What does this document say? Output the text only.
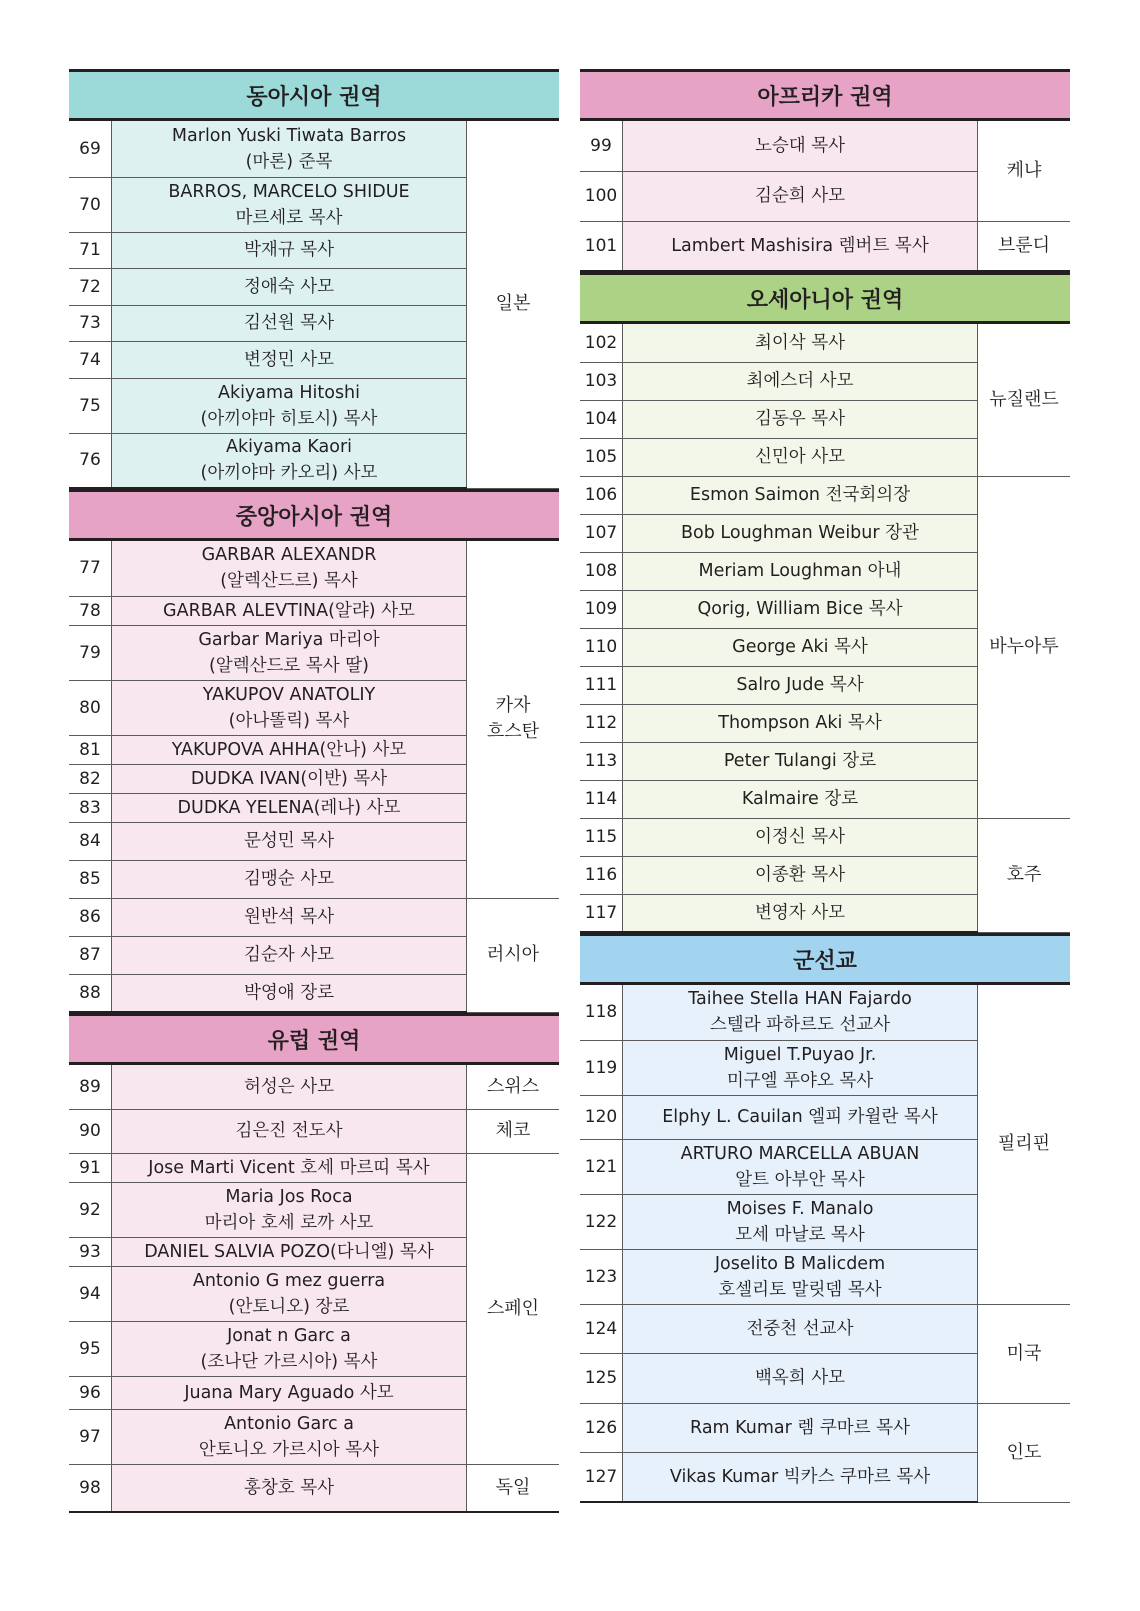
동아시아 권역
69	Marlon Yuski Tiwata Barros
(마론) 준목	일본
70	BARROS, MARCELO SHIDUE
마르세로 목사	
71	박재규 목사	
72	정애숙 사모	
73	김선원 목사	
74	변정민 사모	
75	Akiyama Hitoshi
(아끼야마 히토시) 목사	
76	Akiyama Kaori
(아끼야마 카오리) 사모	
중앙아시아 권역
77	GARBAR ALEXANDR
(알렉산드르) 목사	카자
흐스탄
78	GARBAR ALEVTINA(알랴) 사모	
79	Garbar Mariya 마리아
(알렉산드로 목사 딸)	
80	YAKUPOV ANATOLIY
(아나똘릭) 목사	
81	YAKUPOVA AHHA(안나) 사모	
82	DUDKA IVAN(이반) 목사	
83	DUDKA YELENA(레나) 사모	
84	문성민 목사	
85	김맹순 사모	
86	원반석 목사	러시아
87	김순자 사모	
88	박영애 장로	
유럽 권역
89	허성은 사모	스위스
90	김은진 전도사	체코
91	Jose Marti Vicent 호세 마르띠 목사	스페인
92	Maria Jos Roca
마리아 호세 로까 사모	
93	DANIEL SALVIA POZO(다니엘) 목사	
94	Antonio G mez guerra
(안토니오) 장로	
95	Jonat n Garc a
(조나단 가르시아) 목사	
96	Juana Mary Aguado 사모	
97	Antonio Garc a
안토니오 가르시아 목사	
98	홍창호 목사	독일
아프리카 권역
99	노승대 목사	케냐
100	김순희 사모	
101	Lambert Mashisira 렘버트 목사	브룬디
오세아니아 권역
102	최이삭 목사	뉴질랜드
103	최에스더 사모	
104	김동우 목사	
105	신민아 사모	
106	Esmon Saimon 전국회의장	바누아투
107	Bob Loughman Weibur 장관	
108	Meriam Loughman 아내	
109	Qorig, William Bice 목사	
110	George Aki 목사	
111	Salro Jude 목사	
112	Thompson Aki 목사	
113	Peter Tulangi 장로	
114	Kalmaire 장로	
115	이정신 목사	호주
116	이종환 목사	
117	변영자 사모	
군선교
118	Taihee Stella HAN Fajardo
스텔라 파하르도 선교사	필리핀
119	Miguel T.Puyao Jr.
미구엘 푸야오 목사	
120	Elphy L. Cauilan 엘피 카윌란 목사	
121	ARTURO MARCELLA ABUAN
알트 아부안 목사	
122	Moises F. Manalo
모세 마날로 목사	
123	Joselito B Malicdem
호셀리토 말릿뎀 목사	
124	전중천 선교사	미국
125	백옥희 사모	
126	Ram Kumar 렘 쿠마르 목사	인도
127	Vikas Kumar 빅카스 쿠마르 목사	
